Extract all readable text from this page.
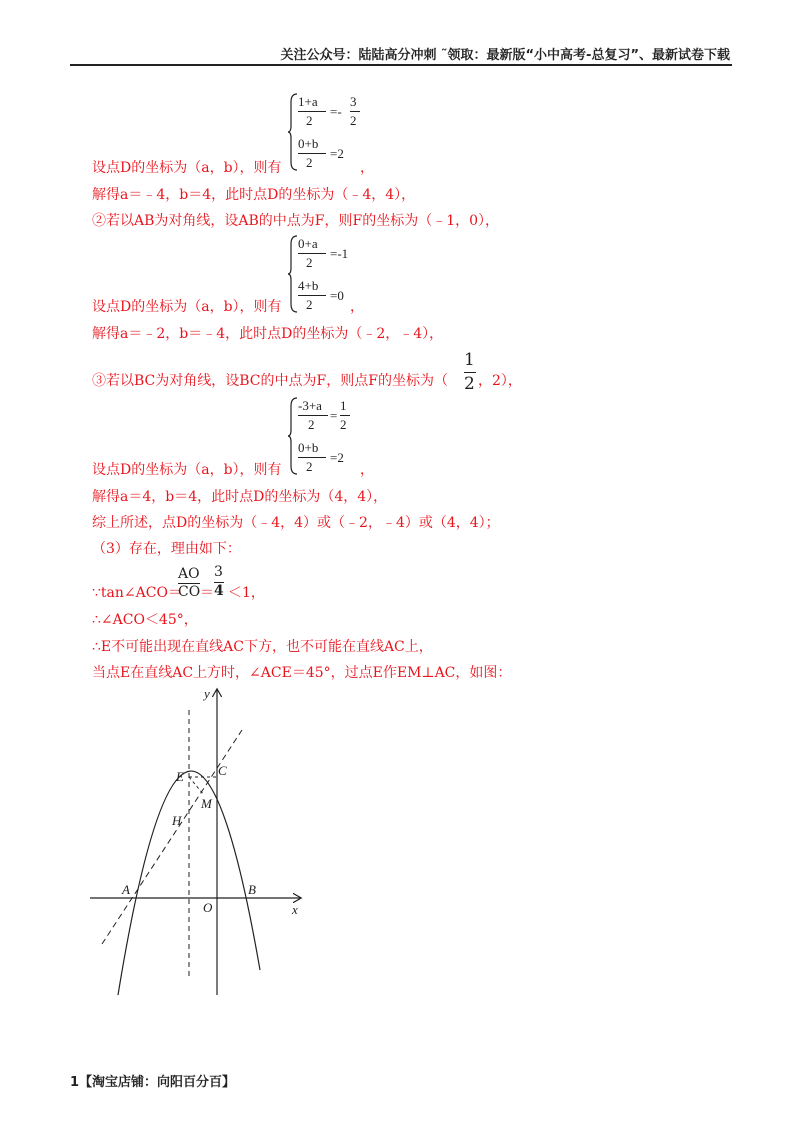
关注公众号：陆陆高分冲刺 ˜领取：最新版“小中高考-总复习”、最新试卷下载
1+a
2
=-
3
2
0+b
2
=2
设点D的坐标为（a，b），则有	，
解得a＝﹣4，b＝4，此时点D的坐标为（﹣4，4），
②若以AB为对角线，设AB的中点为F，则F的坐标为（﹣1，0），
0+a
2
=-1
4+b
2
=0
设点D的坐标为（a，b），则有	，
解得a＝﹣2，b＝﹣4，此时点D的坐标为（﹣2，﹣4），
③若以BC为对角线，设BC的中点为F，则点F的坐标为（
1
2 ，2），
-3+a
2
=
1
2
0+b
2
=2
设点D的坐标为（a，b），则有	，
解得a＝4，b＝4，此时点D的坐标为（4，4），
综上所述，点D的坐标为（﹣4，4）或（﹣2，﹣4）或（4，4）；
（3）存在，理由如下：
∵tan∠ACO＝
AO
CO ＝
3
4 ＜1，
∴∠ACO＜45°，
∴E不可能出现在直线AC下方，也不可能在直线AC上，
当点E在直线AC上方时，∠ACE＝45°，过点E作EM⊥AC，如图：
y
x
O
A	B
C
E
M
H
1【淘宝店铺：向阳百分百】
